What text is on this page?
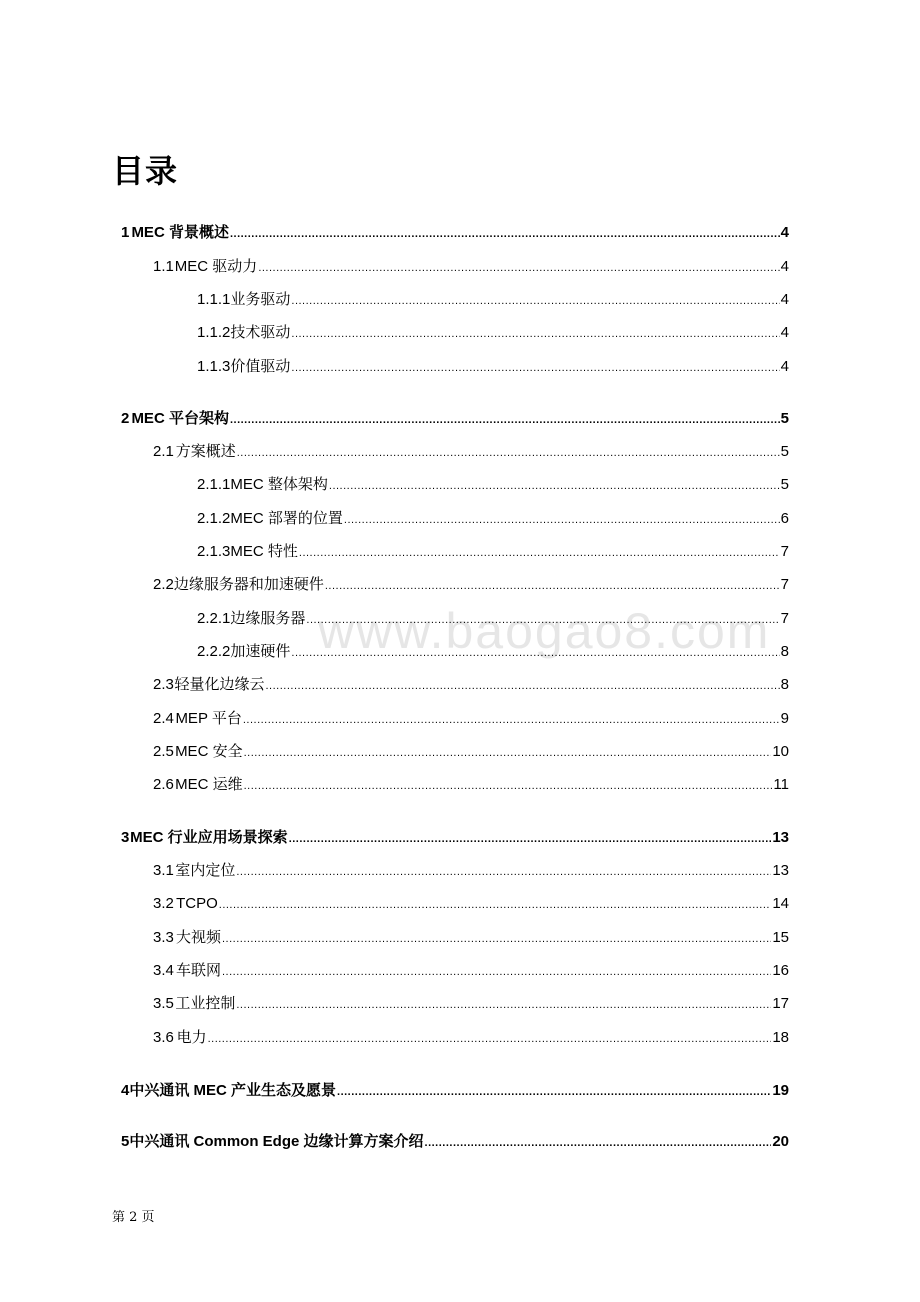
目录
www.baogao8.com
1 MEC 背景概述 .....	4
1.1 MEC 驱动力 .....	4
1.1.1 业务驱动 .....	4
1.1.2 技术驱动 .....	4
1.1.3 价值驱动 .....	4
2 MEC 平台架构 .....	5
2.1 方案概述 .....	5
2.1.1 MEC 整体架构 .....	5
2.1.2 MEC 部署的位置 .....	6
2.1.3 MEC 特性 .....	7
2.2 边缘服务器和加速硬件 .....	7
2.2.1 边缘服务器 .....	7
2.2.2 加速硬件 .....	8
2.3 轻量化边缘云 .....	8
2.4 MEP 平台 .....	9
2.5 MEC 安全 .....	10
2.6 MEC 运维 .....	11
3 MEC 行业应用场景探索 .....	13
3.1 室内定位 .....	13
3.2 TCPO .....	14
3.3 大视频 .....	15
3.4 车联网 .....	16
3.5 工业控制 .....	17
3.6 电力 .....	18
4 中兴通讯 MEC 产业生态及愿景 .....	19
5 中兴通讯 Common Edge 边缘计算方案介绍 .....	20
第 2 页
